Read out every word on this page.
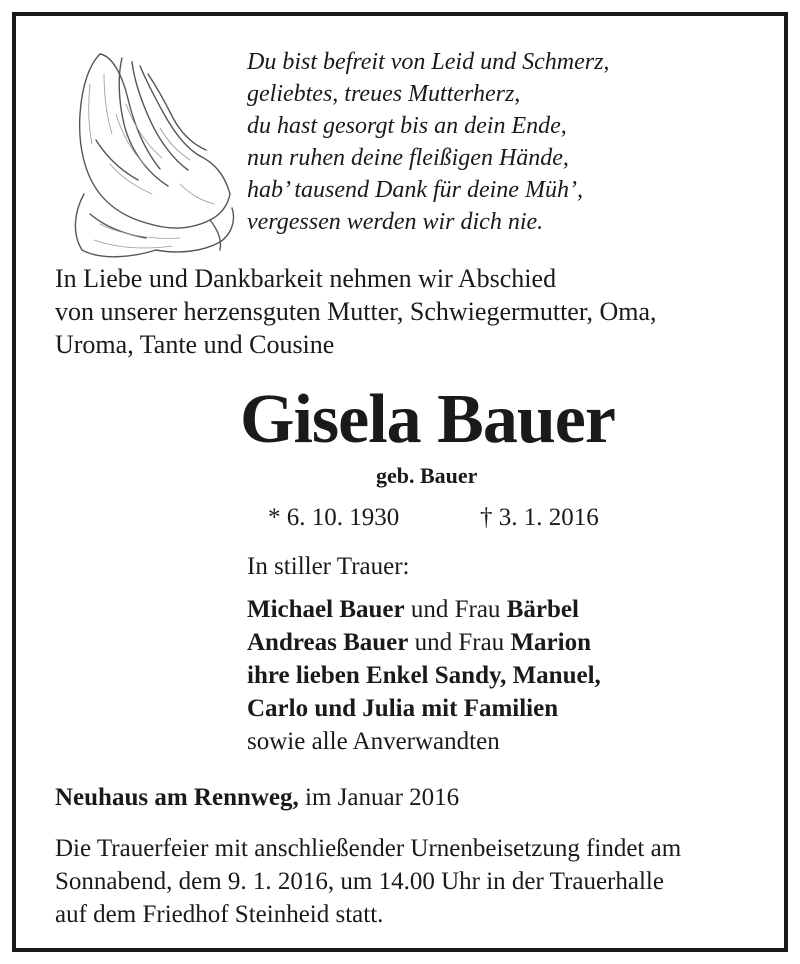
Du bist befreit von Leid und Schmerz,
geliebtes, treues Mutterherz,
du hast gesorgt bis an dein Ende,
nun ruhen deine fleißigen Hände,
hab’ tausend Dank für deine Müh’,
vergessen werden wir dich nie.
In Liebe und Dankbarkeit nehmen wir Abschied
von unserer herzensguten Mutter, Schwiegermutter, Oma,
Uroma, Tante und Cousine
Gisela Bauer
geb. Bauer
* 6. 10. 1930	† 3. 1. 2016
In stiller Trauer:
Michael Bauer und Frau Bärbel
Andreas Bauer und Frau Marion
ihre lieben Enkel Sandy, Manuel,
Carlo und Julia mit Familien
sowie alle Anverwandten
Neuhaus am Rennweg, im Januar 2016
Die Trauerfeier mit anschließender Urnenbeisetzung findet am
Sonnabend, dem 9. 1. 2016, um 14.00 Uhr in der Trauerhalle
auf dem Friedhof Steinheid statt.
